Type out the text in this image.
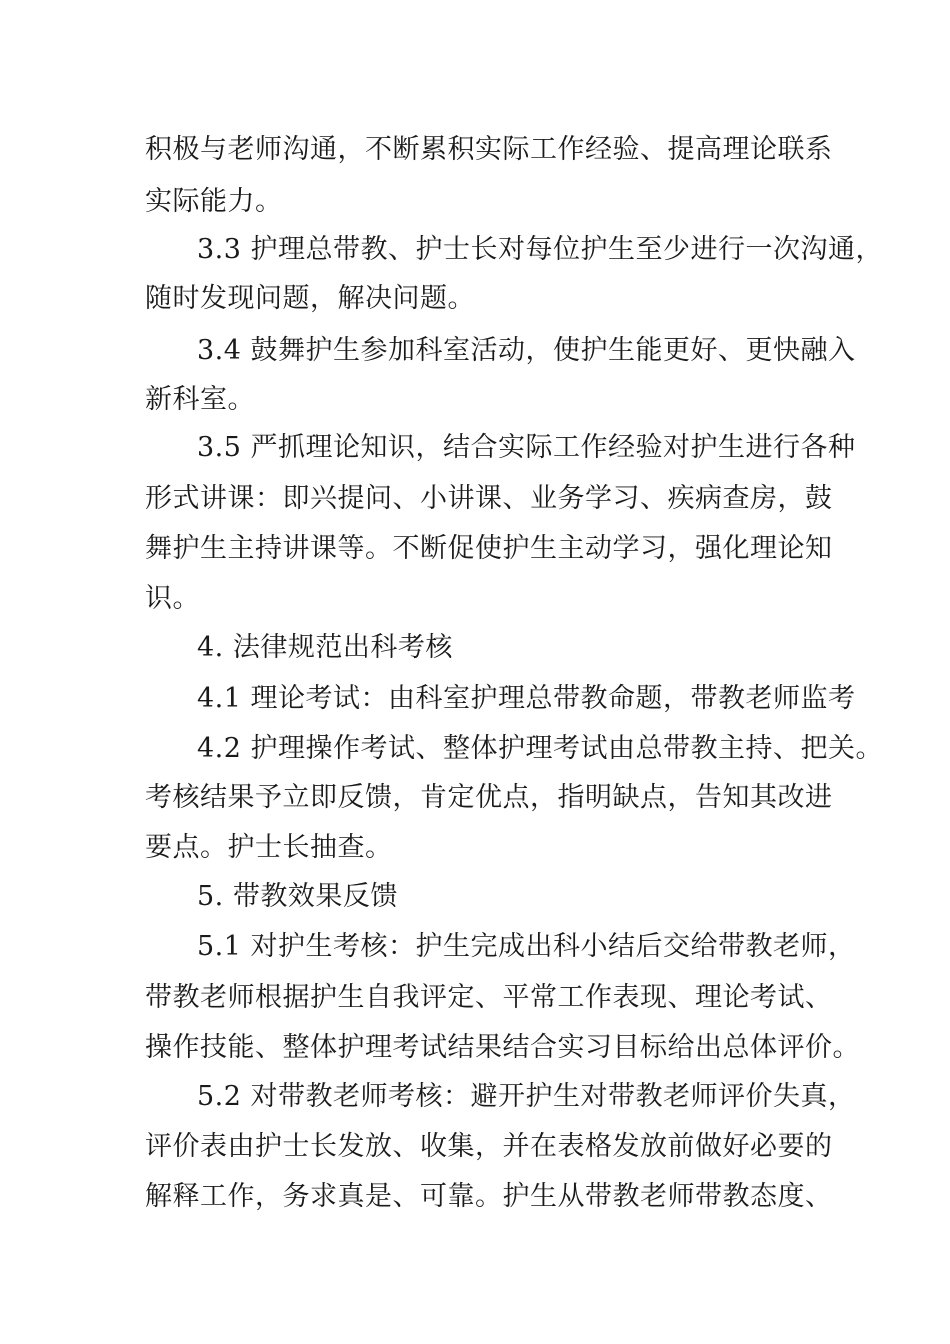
积极与老师沟通，不断累积实际工作经验、提高理论联系
实际能力。
3.3 护理总带教、护士长对每位护生至少进行一次沟通，
随时发现问题，解决问题。
3.4 鼓舞护生参加科室活动，使护生能更好、更快融入
新科室。
3.5 严抓理论知识，结合实际工作经验对护生进行各种
形式讲课：即兴提问、小讲课、业务学习、疾病查房，鼓
舞护生主持讲课等。不断促使护生主动学习，强化理论知
识。
4. 法律规范出科考核
4.1 理论考试：由科室护理总带教命题，带教老师监考
4.2 护理操作考试、整体护理考试由总带教主持、把关。
考核结果予立即反馈，肯定优点，指明缺点，告知其改进
要点。护士长抽查。
5. 带教效果反馈
5.1 对护生考核：护生完成出科小结后交给带教老师，
带教老师根据护生自我评定、平常工作表现、理论考试、
操作技能、整体护理考试结果结合实习目标给出总体评价。
5.2 对带教老师考核：避开护生对带教老师评价失真，
评价表由护士长发放、收集，并在表格发放前做好必要的
解释工作，务求真是、可靠。护生从带教老师带教态度、
